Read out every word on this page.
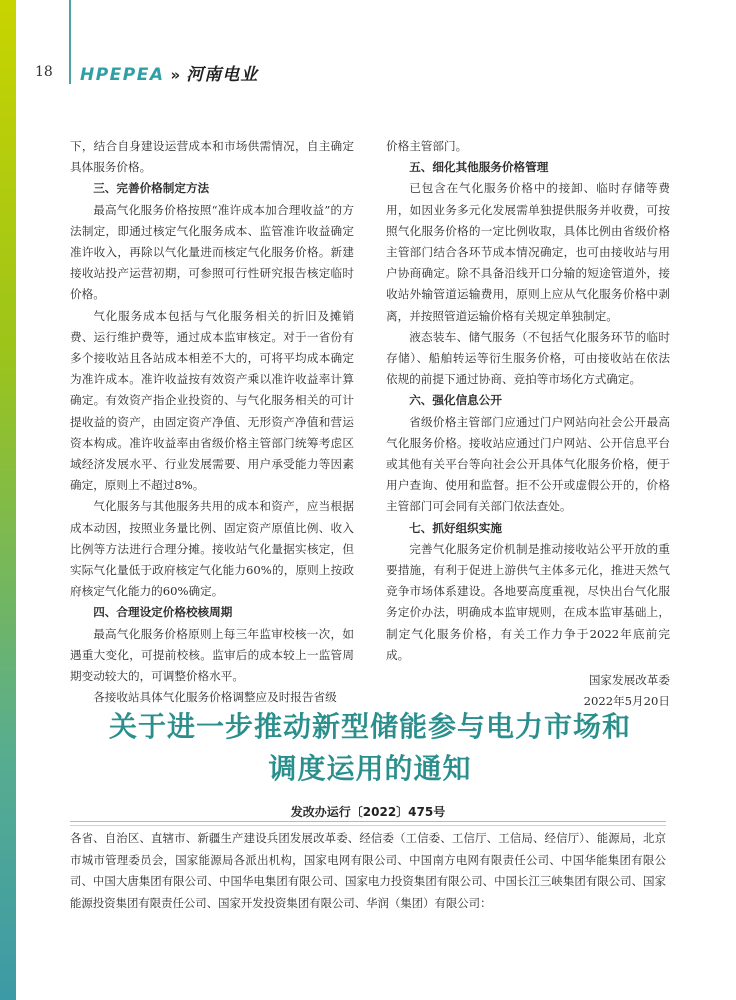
18 HPEPEA » 河南电业

下，结合自身建设运营成本和市场供需情况，自主确定具体服务价格。

三、完善价格制定方法

最高气化服务价格按照“准许成本加合理收益”的方法制定，即通过核定气化服务成本、监管准许收益确定准许收入，再除以气化量进而核定气化服务价格。新建接收站投产运营初期，可参照可行性研究报告核定临时价格。

气化服务成本包括与气化服务相关的折旧及摊销费、运行维护费等，通过成本监审核定。对于一省份有多个接收站且各站成本相差不大的，可将平均成本确定为准许成本。准许收益按有效资产乘以准许收益率计算确定。有效资产指企业投资的、与气化服务相关的可计提收益的资产，由固定资产净值、无形资产净值和营运资本构成。准许收益率由省级价格主管部门统筹考虑区域经济发展水平、行业发展需要、用户承受能力等因素确定，原则上不超过8%。

气化服务与其他服务共用的成本和资产，应当根据成本动因，按照业务量比例、固定资产原值比例、收入比例等方法进行合理分摊。接收站气化量据实核定，但实际气化量低于政府核定气化能力60%的，原则上按政府核定气化能力的60%确定。

四、合理设定价格校核周期

最高气化服务价格原则上每三年监审校核一次，如遇重大变化，可提前校核。监审后的成本较上一监管周期变动较大的，可调整价格水平。

各接收站具体气化服务价格调整应及时报告省级

价格主管部门。

五、细化其他服务价格管理

已包含在气化服务价格中的接卸、临时存储等费用，如因业务多元化发展需单独提供服务并收费，可按照气化服务价格的一定比例收取，具体比例由省级价格主管部门结合各环节成本情况确定，也可由接收站与用户协商确定。除不具备沿线开口分输的短途管道外，接收站外输管道运输费用，原则上应从气化服务价格中剥离，并按照管道运输价格有关规定单独制定。

液态装车、储气服务（不包括气化服务环节的临时存储）、船舶转运等衍生服务价格，可由接收站在依法依规的前提下通过协商、竞拍等市场化方式确定。

六、强化信息公开

省级价格主管部门应通过门户网站向社会公开最高气化服务价格。接收站应通过门户网站、公开信息平台或其他有关平台等向社会公开具体气化服务价格，便于用户查询、使用和监督。拒不公开或虚假公开的，价格主管部门可会同有关部门依法查处。

七、抓好组织实施

完善气化服务定价机制是推动接收站公平开放的重要措施，有利于促进上游供气主体多元化，推进天然气竞争市场体系建设。各地要高度重视，尽快出台气化服务定价办法，明确成本监审规则，在成本监审基础上，制定气化服务价格，有关工作力争于2022年底前完成。

国家发展改革委
2022年5月20日
关于进一步推动新型储能参与电力市场和
调度运用的通知
发改办运行〔2022〕475号

各省、自治区、直辖市、新疆生产建设兵团发展改革委、经信委（工信委、工信厅、工信局、经信厅）、能源局，北京市城市管理委员会，国家能源局各派出机构，国家电网有限公司、中国南方电网有限责任公司、中国华能集团有限公司、中国大唐集团有限公司、中国华电集团有限公司、国家电力投资集团有限公司、中国长江三峡集团有限公司、国家能源投资集团有限责任公司、国家开发投资集团有限公司、华润（集团）有限公司：
